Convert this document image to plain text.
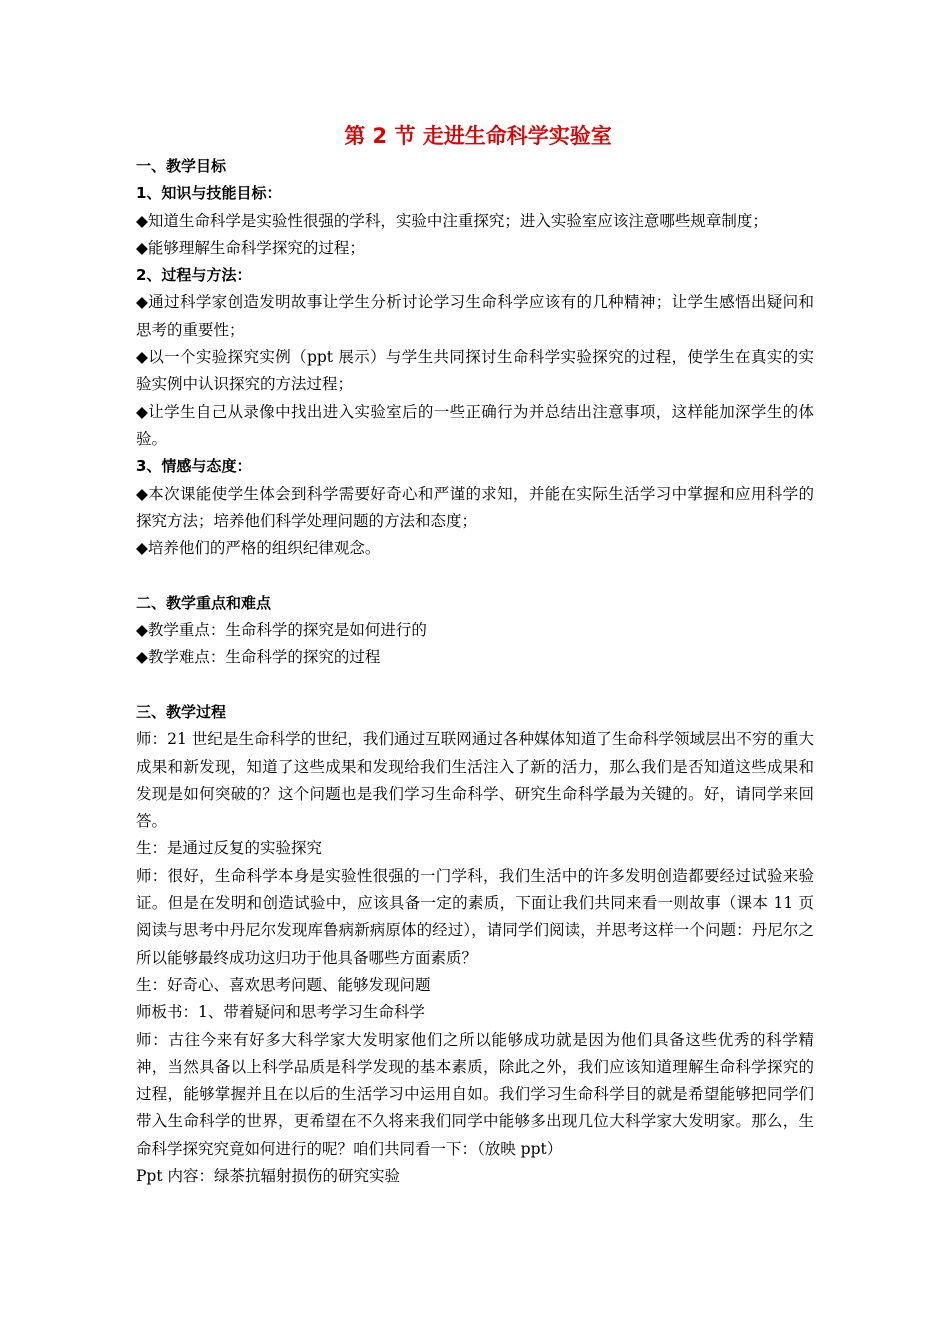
第 2 节 走进生命科学实验室
一、教学目标
1、知识与技能目标：
◆知道生命科学是实验性很强的学科，实验中注重探究；进入实验室应该注意哪些规章制度；
◆能够理解生命科学探究的过程；
2、过程与方法：
◆通过科学家创造发明故事让学生分析讨论学习生命科学应该有的几种精神；让学生感悟出疑问和思考的重要性；
◆以一个实验探究实例（ppt 展示）与学生共同探讨生命科学实验探究的过程，使学生在真实的实验实例中认识探究的方法过程；
◆让学生自己从录像中找出进入实验室后的一些正确行为并总结出注意事项，这样能加深学生的体验。
3、情感与态度：
◆本次课能使学生体会到科学需要好奇心和严谨的求知，并能在实际生活学习中掌握和应用科学的探究方法；培养他们科学处理问题的方法和态度；
◆培养他们的严格的组织纪律观念。
二、教学重点和难点
◆教学重点：生命科学的探究是如何进行的
◆教学难点：生命科学的探究的过程
三、教学过程
师：21 世纪是生命科学的世纪，我们通过互联网通过各种媒体知道了生命科学领域层出不穷的重大成果和新发现，知道了这些成果和发现给我们生活注入了新的活力，那么我们是否知道这些成果和发现是如何突破的？这个问题也是我们学习生命科学、研究生命科学最为关键的。好，请同学来回答。
生：是通过反复的实验探究
师：很好，生命科学本身是实验性很强的一门学科，我们生活中的许多发明创造都要经过试验来验证。但是在发明和创造试验中，应该具备一定的素质，下面让我们共同来看一则故事（课本 11 页阅读与思考中丹尼尔发现库鲁病新病原体的经过），请同学们阅读，并思考这样一个问题：丹尼尔之所以能够最终成功这归功于他具备哪些方面素质？
生：好奇心、喜欢思考问题、能够发现问题
师板书：1、带着疑问和思考学习生命科学
师：古往今来有好多大科学家大发明家他们之所以能够成功就是因为他们具备这些优秀的科学精神，当然具备以上科学品质是科学发现的基本素质，除此之外，我们应该知道理解生命科学探究的过程，能够掌握并且在以后的生活学习中运用自如。我们学习生命科学目的就是希望能够把同学们带入生命科学的世界，更希望在不久将来我们同学中能够多出现几位大科学家大发明家。那么，生命科学探究究竟如何进行的呢？咱们共同看一下：（放映 ppt）
Ppt 内容：绿茶抗辐射损伤的研究实验
